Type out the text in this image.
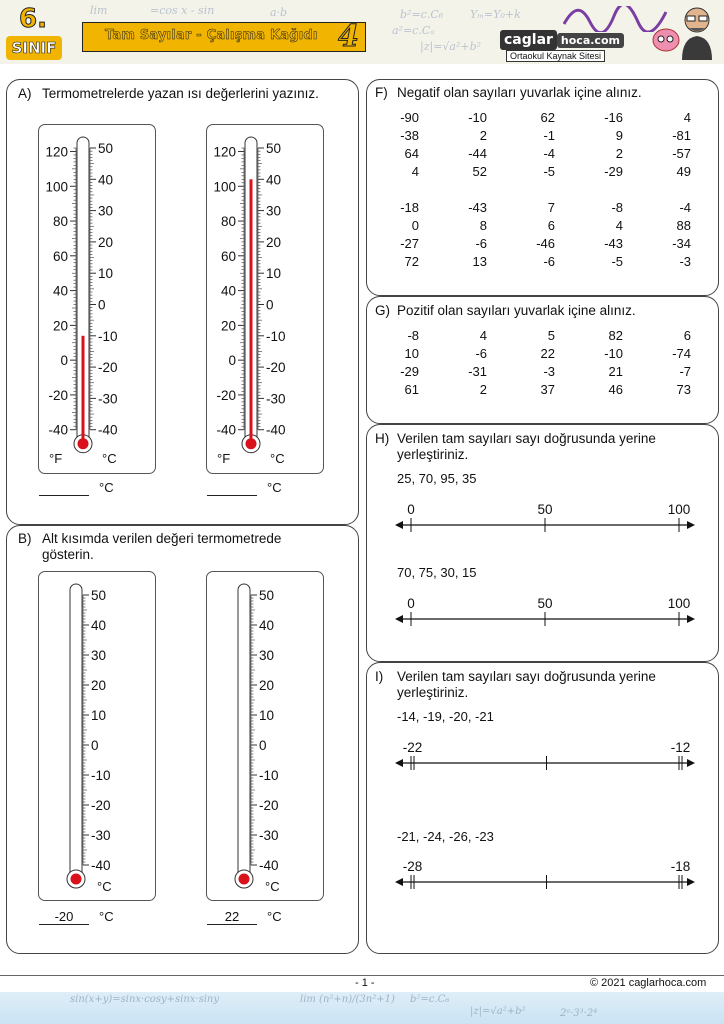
=cos x - sin	b²=c.C₆
a²=c.Cₐ
Yₘ=Y₀+k
|z|=√a²+b²
lim	a·b
6.
SINIF
Tam Sayılar - Çalışma Kağıdı 4	caglar hoca.com
Ortaokul Kaynak Sitesi
A) Termometrelerde yazan ısı değerlerini yazınız.
50
40
30
20
10
0
-10
-20
-30
-40
120
100
80
60
40
20
0
-20
-40
°F	°C
°C
50
40
30
20
10
0
-10
-20
-30
-40
120
100
80
60
40
20
0
-20
-40
°F	°C
°C
B) Alt kısımda verilen değeri termometrede gösterin.
50
40
30
20
10
0
-10
-20
-30
-40
°C
-20	°C
50
40
30
20
10
0
-10
-20
-30
-40
°C
22	°C
F) Negatif olan sayıları yuvarlak içine alınız.
-90	-10	62	-16	4
-38	2	-1	9	-81
64	-44	-4	2	-57
4	52	-5	-29	49
-18	-43	7	-8	-4
0	8	6	4	88
-27	-6	-46	-43	-34
72	13	-6	-5	-3
G) Pozitif olan sayıları yuvarlak içine alınız.
-8	4	5	82	6
10	-6	22	-10	-74
-29	-31	-3	21	-7
61	2	37	46	73
H) Verilen tam sayıları sayı doğrusunda yerine yerleştiriniz.
25, 70, 95, 35
0	50	100
70, 75, 30, 15
0	50	100
I) Verilen tam sayıları sayı doğrusunda yerine yerleştiriniz.
-14, -19, -20, -21
-22	-12
-21, -24, -26, -23
-28	-18
- 1 -	© 2021 caglarhoca.com
sin(x+y)=sinx·cosy+sinx·siny	lim (n²+n)/(3n²+1) b²=c.C₆
|z|=√a²+b²	2ᵃ·3³·2⁴
